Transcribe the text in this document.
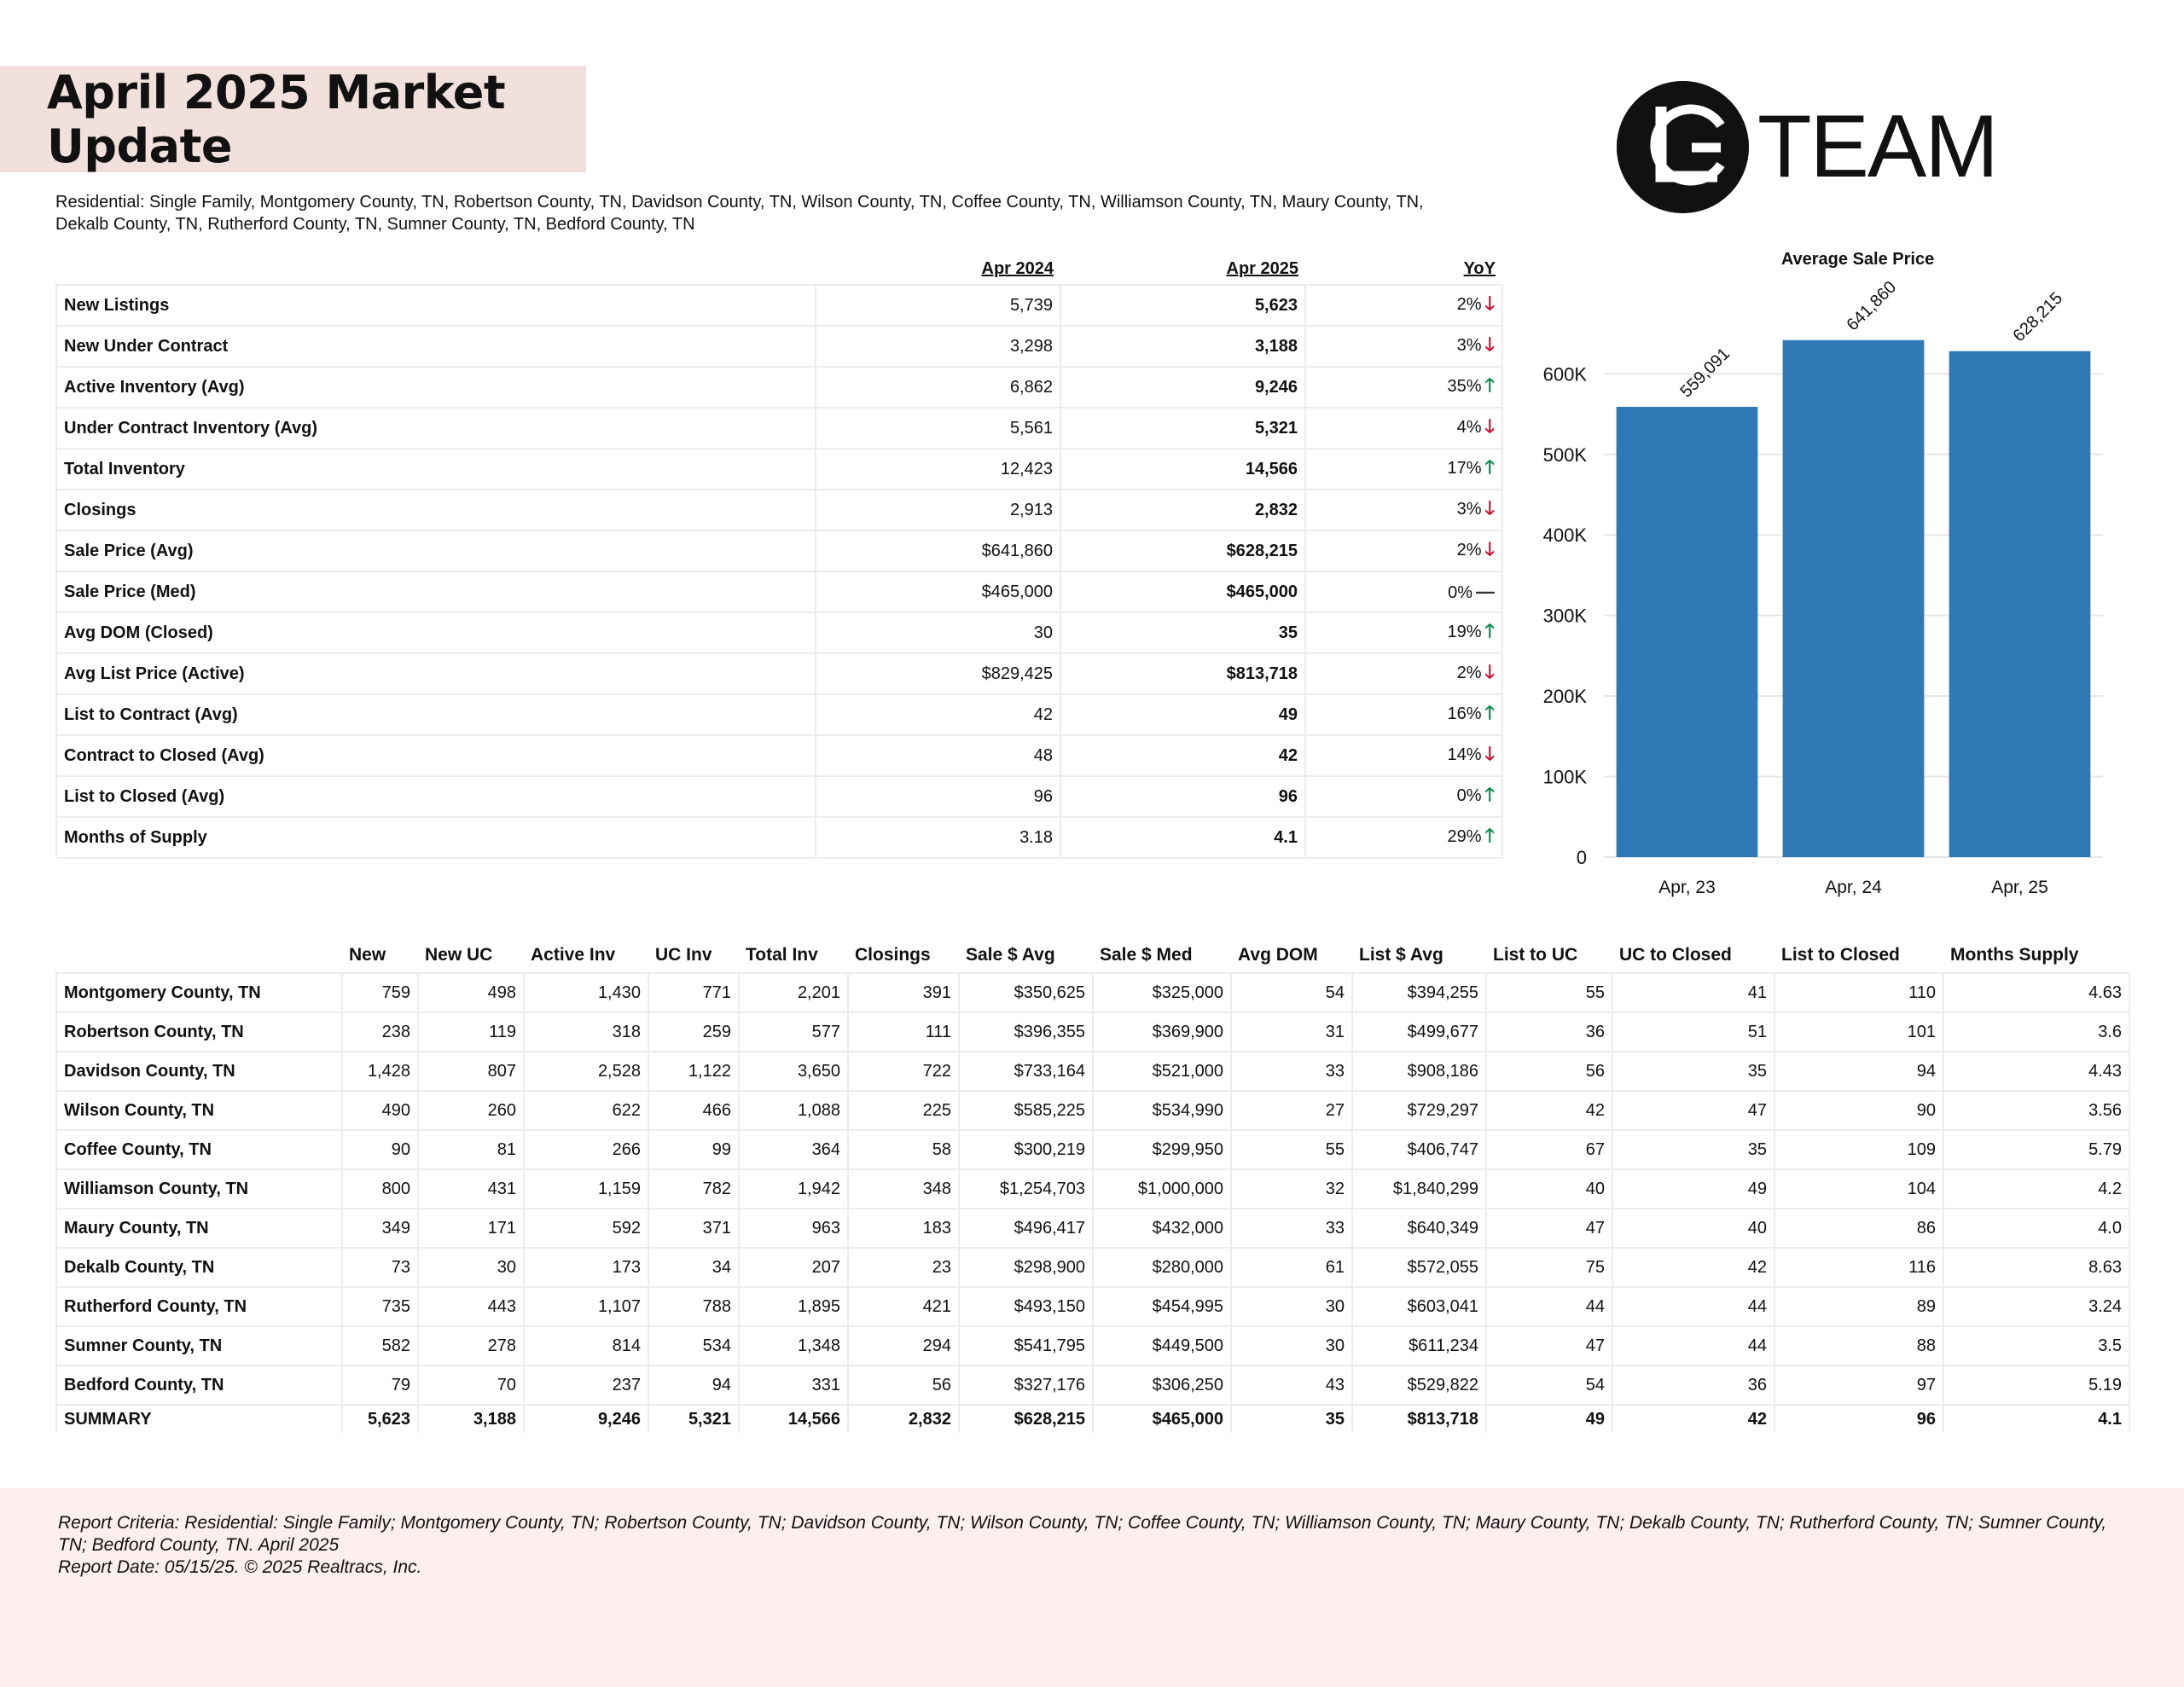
April 2025 Market Update	TEAM
Residential: Single Family, Montgomery County, TN, Robertson County, TN, Davidson County, TN, Wilson County, TN, Coffee County, TN, Williamson County, TN, Maury County, TN, Dekalb County, TN, Rutherford County, TN, Sumner County, TN, Bedford County, TN
	Apr 2024	Apr 2025	YoY
New Listings	5,739	5,623	2% 🡓
New Under Contract	3,298	3,188	3% 🡓
Active Inventory (Avg)	6,862	9,246	35% 🡑
Under Contract Inventory (Avg)	5,561	5,321	4% 🡓
Total Inventory	12,423	14,566	17% 🡑
Closings	2,913	2,832	3% 🡓
Sale Price (Avg)	$641,860	$628,215	2% 🡓
Sale Price (Med)	$465,000	$465,000	0% —
Avg DOM (Closed)	30	35	19% 🡑
Avg List Price (Active)	$829,425	$813,718	2% 🡓
List to Contract (Avg)	42	49	16% 🡑
Contract to Closed (Avg)	48	42	14% 🡓
List to Closed (Avg)	96	96	0% 🡑
Months of Supply	3.18	4.1	29% 🡑
Average Sale Price
0
100K
200K
300K
400K
500K
600K	559,091
Apr, 23
641,860
Apr, 24
628,215
Apr, 25
	New	New UC	Active Inv	UC Inv	Total Inv	Closings	Sale $ Avg	Sale $ Med	Avg DOM	List $ Avg	List to UC	UC to Closed	List to Closed	Months Supply
Montgomery County, TN	759	498	1,430	771	2,201	391	$350,625	$325,000	54	$394,255	55	41	110	4.63
Robertson County, TN	238	119	318	259	577	111	$396,355	$369,900	31	$499,677	36	51	101	3.6
Davidson County, TN	1,428	807	2,528	1,122	3,650	722	$733,164	$521,000	33	$908,186	56	35	94	4.43
Wilson County, TN	490	260	622	466	1,088	225	$585,225	$534,990	27	$729,297	42	47	90	3.56
Coffee County, TN	90	81	266	99	364	58	$300,219	$299,950	55	$406,747	67	35	109	5.79
Williamson County, TN	800	431	1,159	782	1,942	348	$1,254,703	$1,000,000	32	$1,840,299	40	49	104	4.2
Maury County, TN	349	171	592	371	963	183	$496,417	$432,000	33	$640,349	47	40	86	4.0
Dekalb County, TN	73	30	173	34	207	23	$298,900	$280,000	61	$572,055	75	42	116	8.63
Rutherford County, TN	735	443	1,107	788	1,895	421	$493,150	$454,995	30	$603,041	44	44	89	3.24
Sumner County, TN	582	278	814	534	1,348	294	$541,795	$449,500	30	$611,234	47	44	88	3.5
Bedford County, TN	79	70	237	94	331	56	$327,176	$306,250	43	$529,822	54	36	97	5.19
SUMMARY	5,623	3,188	9,246	5,321	14,566	2,832	$628,215	$465,000	35	$813,718	49	42	96	4.1

Report Criteria: Residential: Single Family; Montgomery County, TN; Robertson County, TN; Davidson County, TN; Wilson County, TN; Coffee County, TN; Williamson County, TN; Maury County, TN; Dekalb County, TN; Rutherford County, TN; Sumner County, TN; Bedford County, TN. April 2025

Report Date: 05/15/25. © 2025 Realtracs, Inc.
